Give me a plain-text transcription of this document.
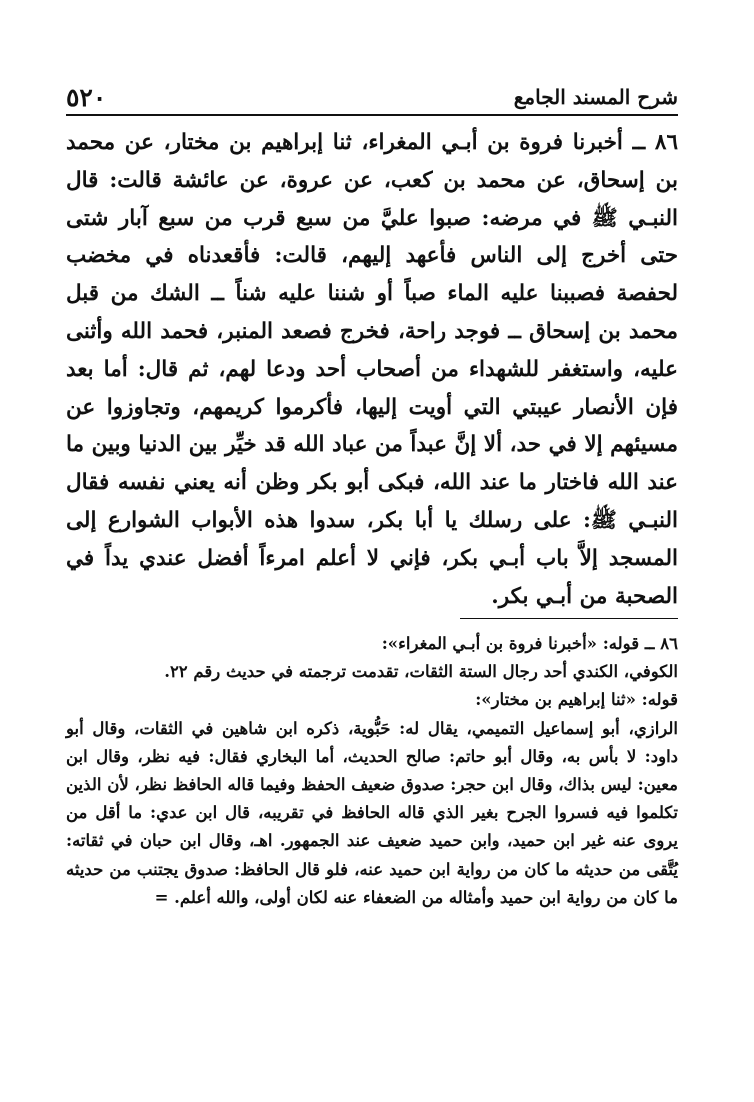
٥٢٠	شرح المسند الجامع

٨٦ ــ أخبرنا فروة بن أبـي المغراء، ثنا إبراهيم بن مختار، عن محمد بن إسحاق، عن محمد بن كعب، عن عروة، عن عائشة قالت: قال النبـي ﷺ في مرضه: صبوا عليَّ من سبع قرب من سبع آبار شتى حتى أخرج إلى الناس فأعهد إليهم، قالت: فأقعدناه في مخضب لحفصة فصببنا عليه الماء صباً أو شننا عليه شناً ــ الشك من قبل محمد بن إسحاق ــ فوجد راحة، فخرج فصعد المنبر، فحمد الله وأثنى عليه، واستغفر للشهداء من أصحاب أحد ودعا لهم، ثم قال: أما بعد فإن الأنصار عيبتي التي أويت إليها، فأكرموا كريمهم، وتجاوزوا عن مسيئهم إلا في حد، ألا إنَّ عبداً من عباد الله قد خيِّر بين الدنيا وبين ما عند الله فاختار ما عند الله، فبكى أبو بكر وظن أنه يعني نفسه فقال النبـي ﷺ: على رسلك يا أبا بكر، سدوا هذه الأبواب الشوارع إلى المسجد إلاَّ باب أبـي بكر، فإني لا أعلم امرءاً أفضل عندي يداً في الصحبة من أبـي بكر.

٨٦ ــ قوله: «أخبرنا فروة بن أبـي المغراء»:

الكوفي، الكندي أحد رجال الستة الثقات، تقدمت ترجمته في حديث رقم ٢٢.

قوله: «ثنا إبراهيم بن مختار»:

الرازي، أبو إسماعيل التميمي، يقال له: حَبُّوية، ذكره ابن شاهين في الثقات، وقال أبو داود: لا بأس به، وقال أبو حاتم: صالح الحديث، أما البخاري فقال: فيه نظر، وقال ابن معين: ليس بذاك، وقال ابن حجر: صدوق ضعيف الحفظ وفيما قاله الحافظ نظر، لأن الذين تكلموا فيه فسروا الجرح بغير الذي قاله الحافظ في تقريبه، قال ابن عدي: ما أقل من يروى عنه غير ابن حميد، وابن حميد ضعيف عند الجمهور. اهـ، وقال ابن حبان في ثقاته: يُتَّقى من حديثه ما كان من رواية ابن حميد عنه، فلو قال الحافظ: صدوق يجتنب من حديثه ما كان من رواية ابن حميد وأمثاله من الضعفاء عنه لكان أولى، والله أعلم. =
